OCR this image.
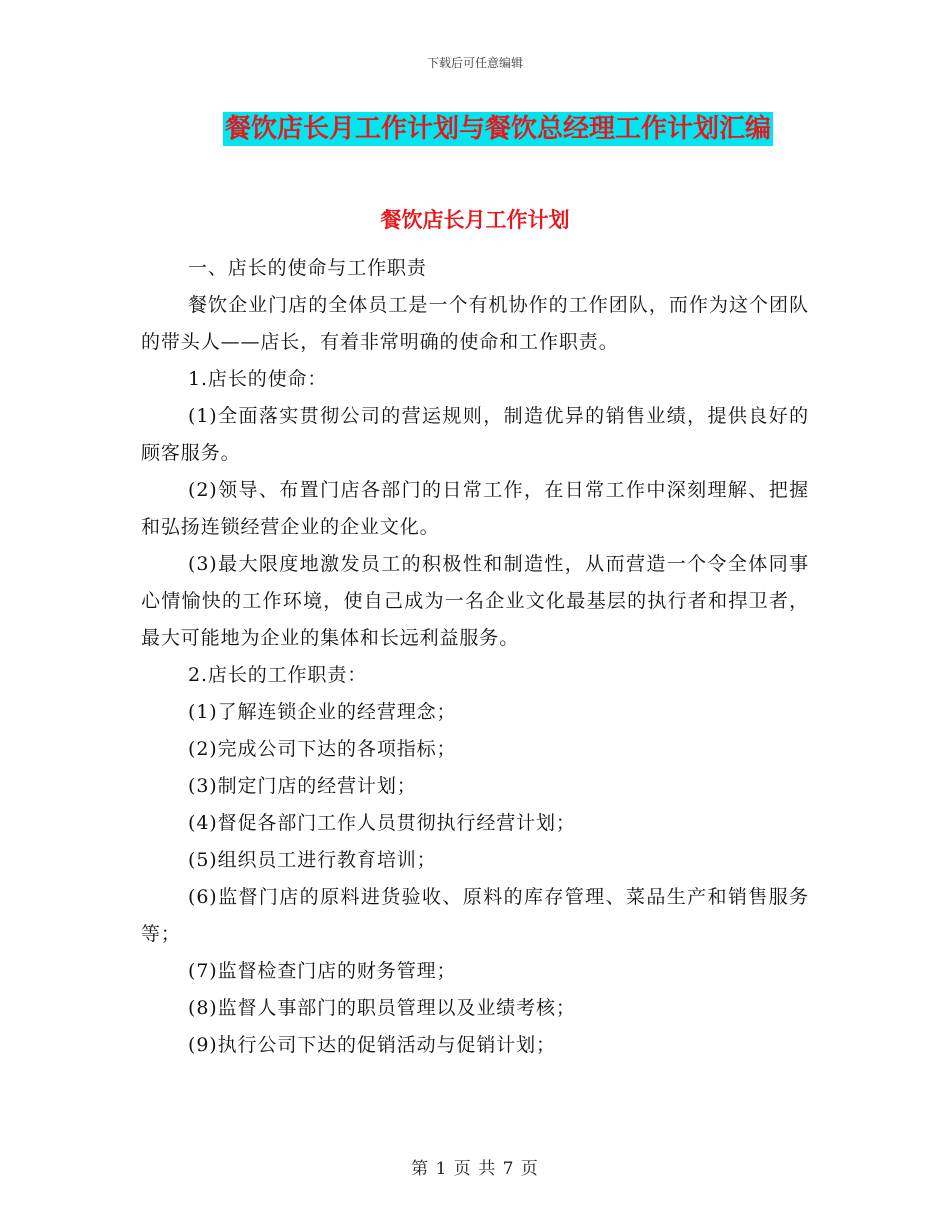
下载后可任意编辑
餐饮店长月工作计划与餐饮总经理工作计划汇编
餐饮店长月工作计划

一、店长的使命与工作职责

餐饮企业门店的全体员工是一个有机协作的工作团队，而作为这个团队的带头人——店长，有着非常明确的使命和工作职责。

1.店长的使命：

(1)全面落实贯彻公司的营运规则，制造优异的销售业绩，提供良好的顾客服务。

(2)领导、布置门店各部门的日常工作，在日常工作中深刻理解、把握和弘扬连锁经营企业的企业文化。

(3)最大限度地激发员工的积极性和制造性，从而营造一个令全体同事心情愉快的工作环境，使自己成为一名企业文化最基层的执行者和捍卫者，最大可能地为企业的集体和长远利益服务。

2.店长的工作职责：

(1)了解连锁企业的经营理念；

(2)完成公司下达的各项指标；

(3)制定门店的经营计划；

(4)督促各部门工作人员贯彻执行经营计划；

(5)组织员工进行教育培训；

(6)监督门店的原料进货验收、原料的库存管理、菜品生产和销售服务等；

(7)监督检查门店的财务管理；

(8)监督人事部门的职员管理以及业绩考核；

(9)执行公司下达的促销活动与促销计划；

第 1 页 共 7 页
